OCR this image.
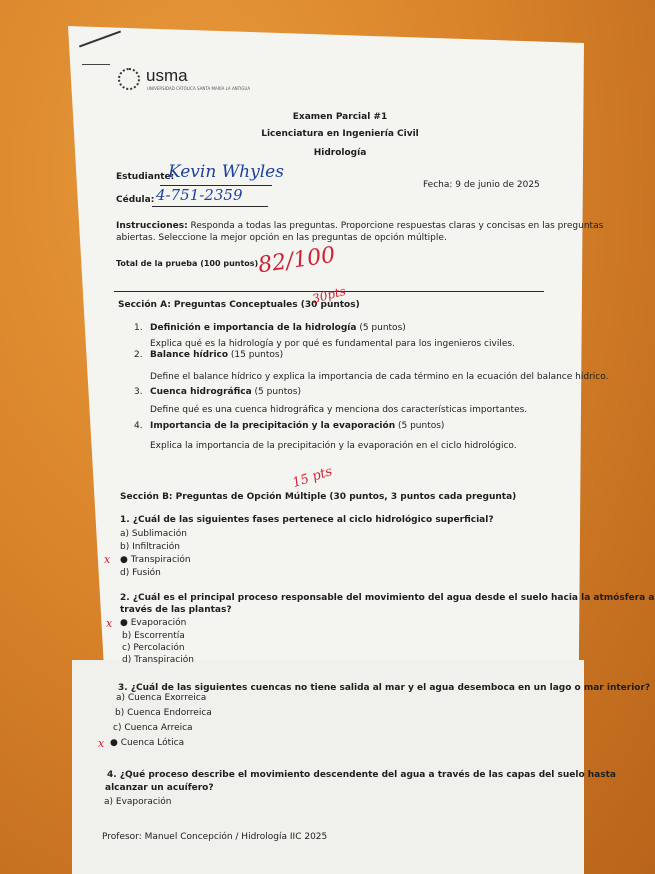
usma
UNIVERSIDAD CATÓLICA SANTA MARÍA LA ANTIGUA
Examen Parcial #1
Licenciatura en Ingeniería Civil
Hidrología
Estudiante:
Kevin Whyles
Cédula: 4-751-2359
Fecha: 9 de junio de 2025
Instrucciones: Responda a todas las preguntas. Proporcione respuestas claras y concisas en las preguntas
abiertas. Seleccione la mejor opción en las preguntas de opción múltiple.
Total de la prueba (100 puntos)
82/100
Sección A: Preguntas Conceptuales (30 puntos)
30pts
1. Definición e importancia de la hidrología (5 puntos)
Explica qué es la hidrología y por qué es fundamental para los ingenieros civiles.
2. Balance hídrico (15 puntos)
Define el balance hídrico y explica la importancia de cada término en la ecuación del balance hídrico.
3. Cuenca hidrográfica (5 puntos)
Define qué es una cuenca hidrográfica y menciona dos características importantes.
4. Importancia de la precipitación y la evaporación (5 puntos)
Explica la importancia de la precipitación y la evaporación en el ciclo hidrológico.
Sección B: Preguntas de Opción Múltiple (30 puntos, 3 puntos cada pregunta)
15 pts
1. ¿Cuál de las siguientes fases pertenece al ciclo hidrológico superficial?
a) Sublimación
b) Infiltración
x ● Transpiración
d) Fusión
2. ¿Cuál es el principal proceso responsable del movimiento del agua desde el suelo hacia la atmósfera a
través de las plantas?
x ● Evaporación
b) Escorrentía
c) Percolación
d) Transpiración
3. ¿Cuál de las siguientes cuencas no tiene salida al mar y el agua desemboca en un lago o mar interior?
a) Cuenca Exorreica
b) Cuenca Endorreica
c) Cuenca Arreica
x ● Cuenca Lótica
4. ¿Qué proceso describe el movimiento descendente del agua a través de las capas del suelo hasta
alcanzar un acuífero?
a) Evaporación
Profesor: Manuel Concepción / Hidrología IIC 2025
